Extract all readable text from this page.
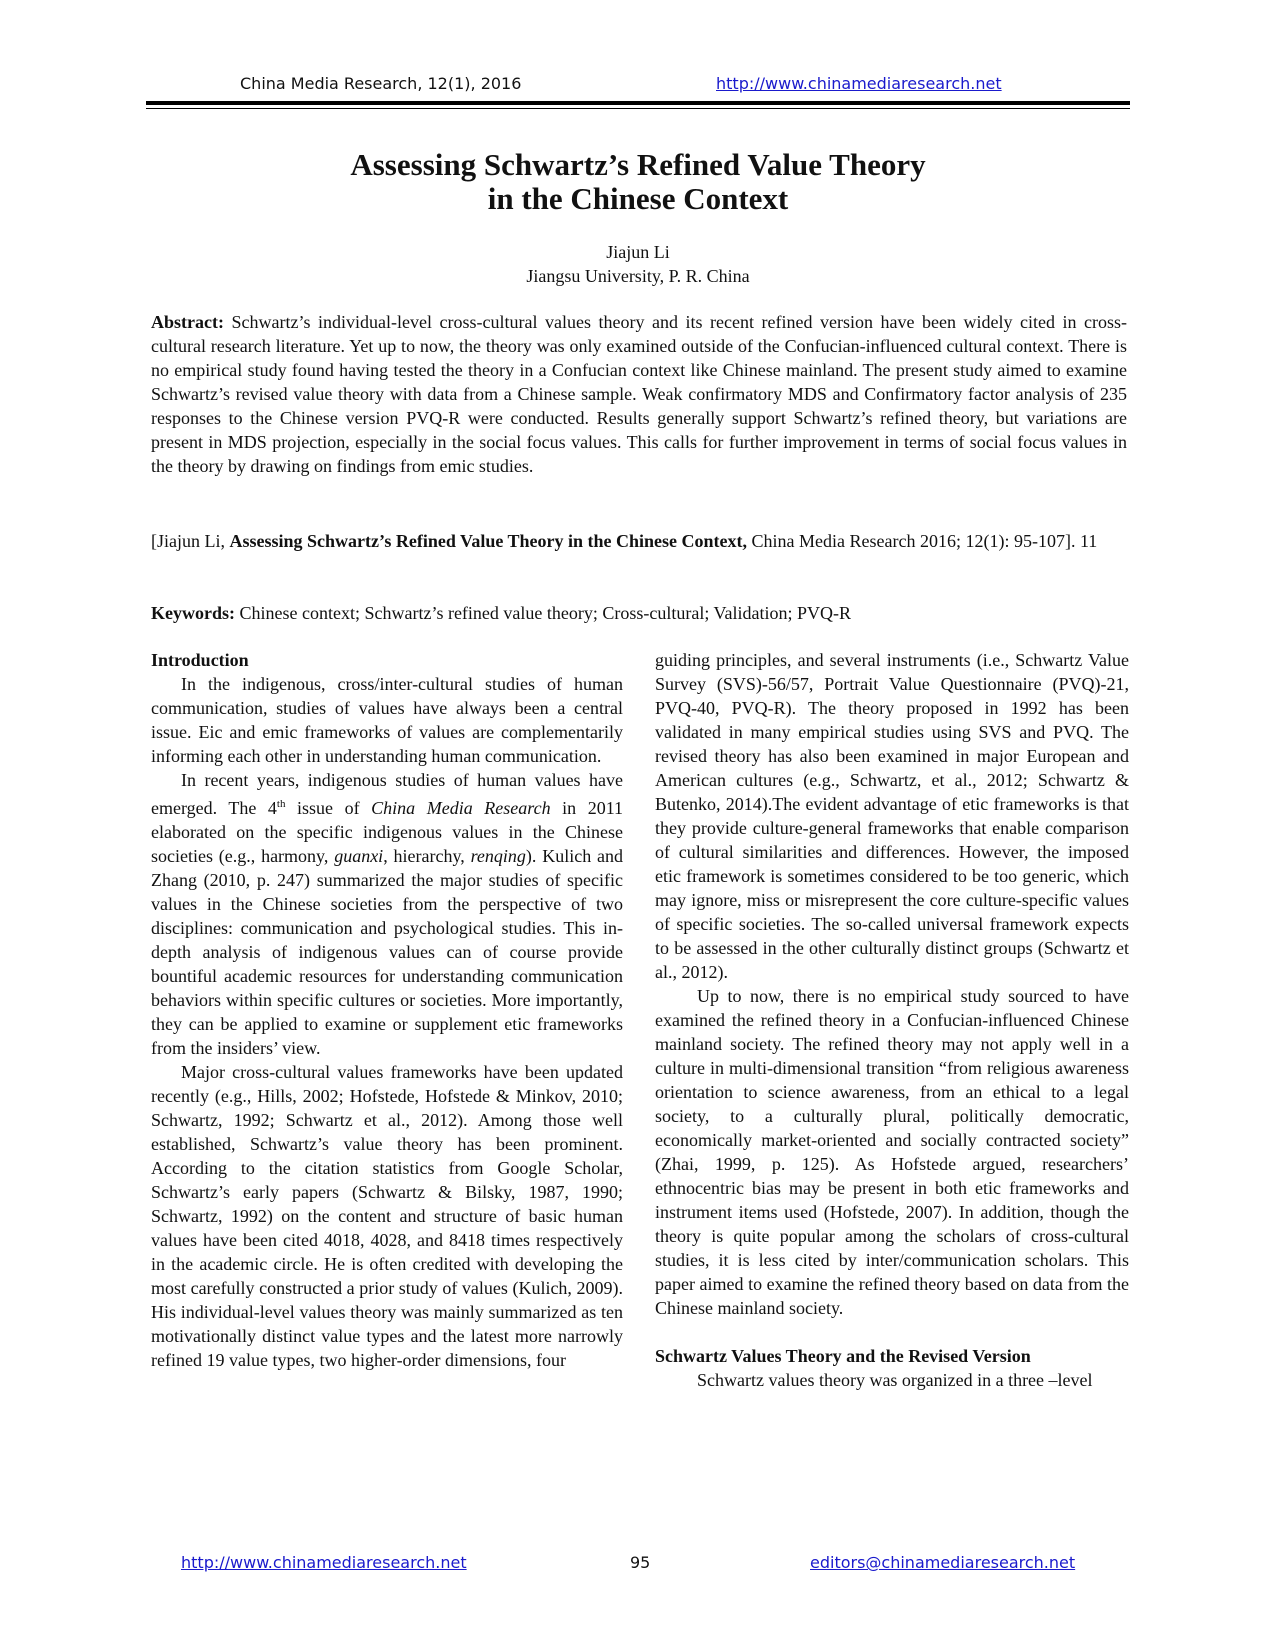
China Media Research, 12(1), 2016	http://www.chinamediaresearch.net
Assessing Schwartz’s Refined Value Theory
in the Chinese Context
Jiajun Li
Jiangsu University, P. R. China
Abstract: Schwartz’s individual-level cross-cultural values theory and its recent refined version have been widely cited in cross-cultural research literature. Yet up to now, the theory was only examined outside of the Confucian-influenced cultural context. There is no empirical study found having tested the theory in a Confucian context like Chinese mainland. The present study aimed to examine Schwartz’s revised value theory with data from a Chinese sample. Weak confirmatory MDS and Confirmatory factor analysis of 235 responses to the Chinese version PVQ-R were conducted. Results generally support Schwartz’s refined theory, but variations are present in MDS projection, especially in the social focus values. This calls for further improvement in terms of social focus values in the theory by drawing on findings from emic studies.
[Jiajun Li, Assessing Schwartz’s Refined Value Theory in the Chinese Context, China Media Research 2016; 12(1): 95-107]. 11
Keywords: Chinese context; Schwartz’s refined value theory; Cross-cultural; Validation; PVQ-R
Introduction

In the indigenous, cross/inter-cultural studies of human communication, studies of values have always been a central issue. Eic and emic frameworks of values are complementarily informing each other in understanding human communication.

In recent years, indigenous studies of human values have emerged. The 4th issue of China Media Research in 2011 elaborated on the specific indigenous values in the Chinese societies (e.g., harmony, guanxi, hierarchy, renqing). Kulich and Zhang (2010, p. 247) summarized the major studies of specific values in the Chinese societies from the perspective of two disciplines: communication and psychological studies. This in-depth analysis of indigenous values can of course provide bountiful academic resources for understanding communication behaviors within specific cultures or societies. More importantly, they can be applied to examine or supplement etic frameworks from the insiders’ view.

Major cross-cultural values frameworks have been updated recently (e.g., Hills, 2002; Hofstede, Hofstede & Minkov, 2010; Schwartz, 1992; Schwartz et al., 2012). Among those well established, Schwartz’s value theory has been prominent. According to the citation statistics from Google Scholar, Schwartz’s early papers (Schwartz & Bilsky, 1987, 1990; Schwartz, 1992) on the content and structure of basic human values have been cited 4018, 4028, and 8418 times respectively in the academic circle. He is often credited with developing the most carefully constructed a prior study of values (Kulich, 2009). His individual-level values theory was mainly summarized as ten motivationally distinct value types and the latest more narrowly refined 19 value types, two higher-order dimensions, four

guiding principles, and several instruments (i.e., Schwartz Value Survey (SVS)-56/57, Portrait Value Questionnaire (PVQ)-21, PVQ-40, PVQ-R). The theory proposed in 1992 has been validated in many empirical studies using SVS and PVQ. The revised theory has also been examined in major European and American cultures (e.g., Schwartz, et al., 2012; Schwartz & Butenko, 2014).The evident advantage of etic frameworks is that they provide culture-general frameworks that enable comparison of cultural similarities and differences. However, the imposed etic framework is sometimes considered to be too generic, which may ignore, miss or misrepresent the core culture-specific values of specific societies. The so-called universal framework expects to be assessed in the other culturally distinct groups (Schwartz et al., 2012).

Up to now, there is no empirical study sourced to have examined the refined theory in a Confucian-influenced Chinese mainland society. The refined theory may not apply well in a culture in multi-dimensional transition “from religious awareness orientation to science awareness, from an ethical to a legal society, to a culturally plural, politically democratic, economically market-oriented and socially contracted society” (Zhai, 1999, p. 125). As Hofstede argued, researchers’ ethnocentric bias may be present in both etic frameworks and instrument items used (Hofstede, 2007). In addition, though the theory is quite popular among the scholars of cross-cultural studies, it is less cited by inter/communication scholars. This paper aimed to examine the refined theory based on data from the Chinese mainland society.

Schwartz Values Theory and the Revised Version

Schwartz values theory was organized in a three –level

http://www.chinamediaresearch.net	95	editors@chinamediaresearch.net
